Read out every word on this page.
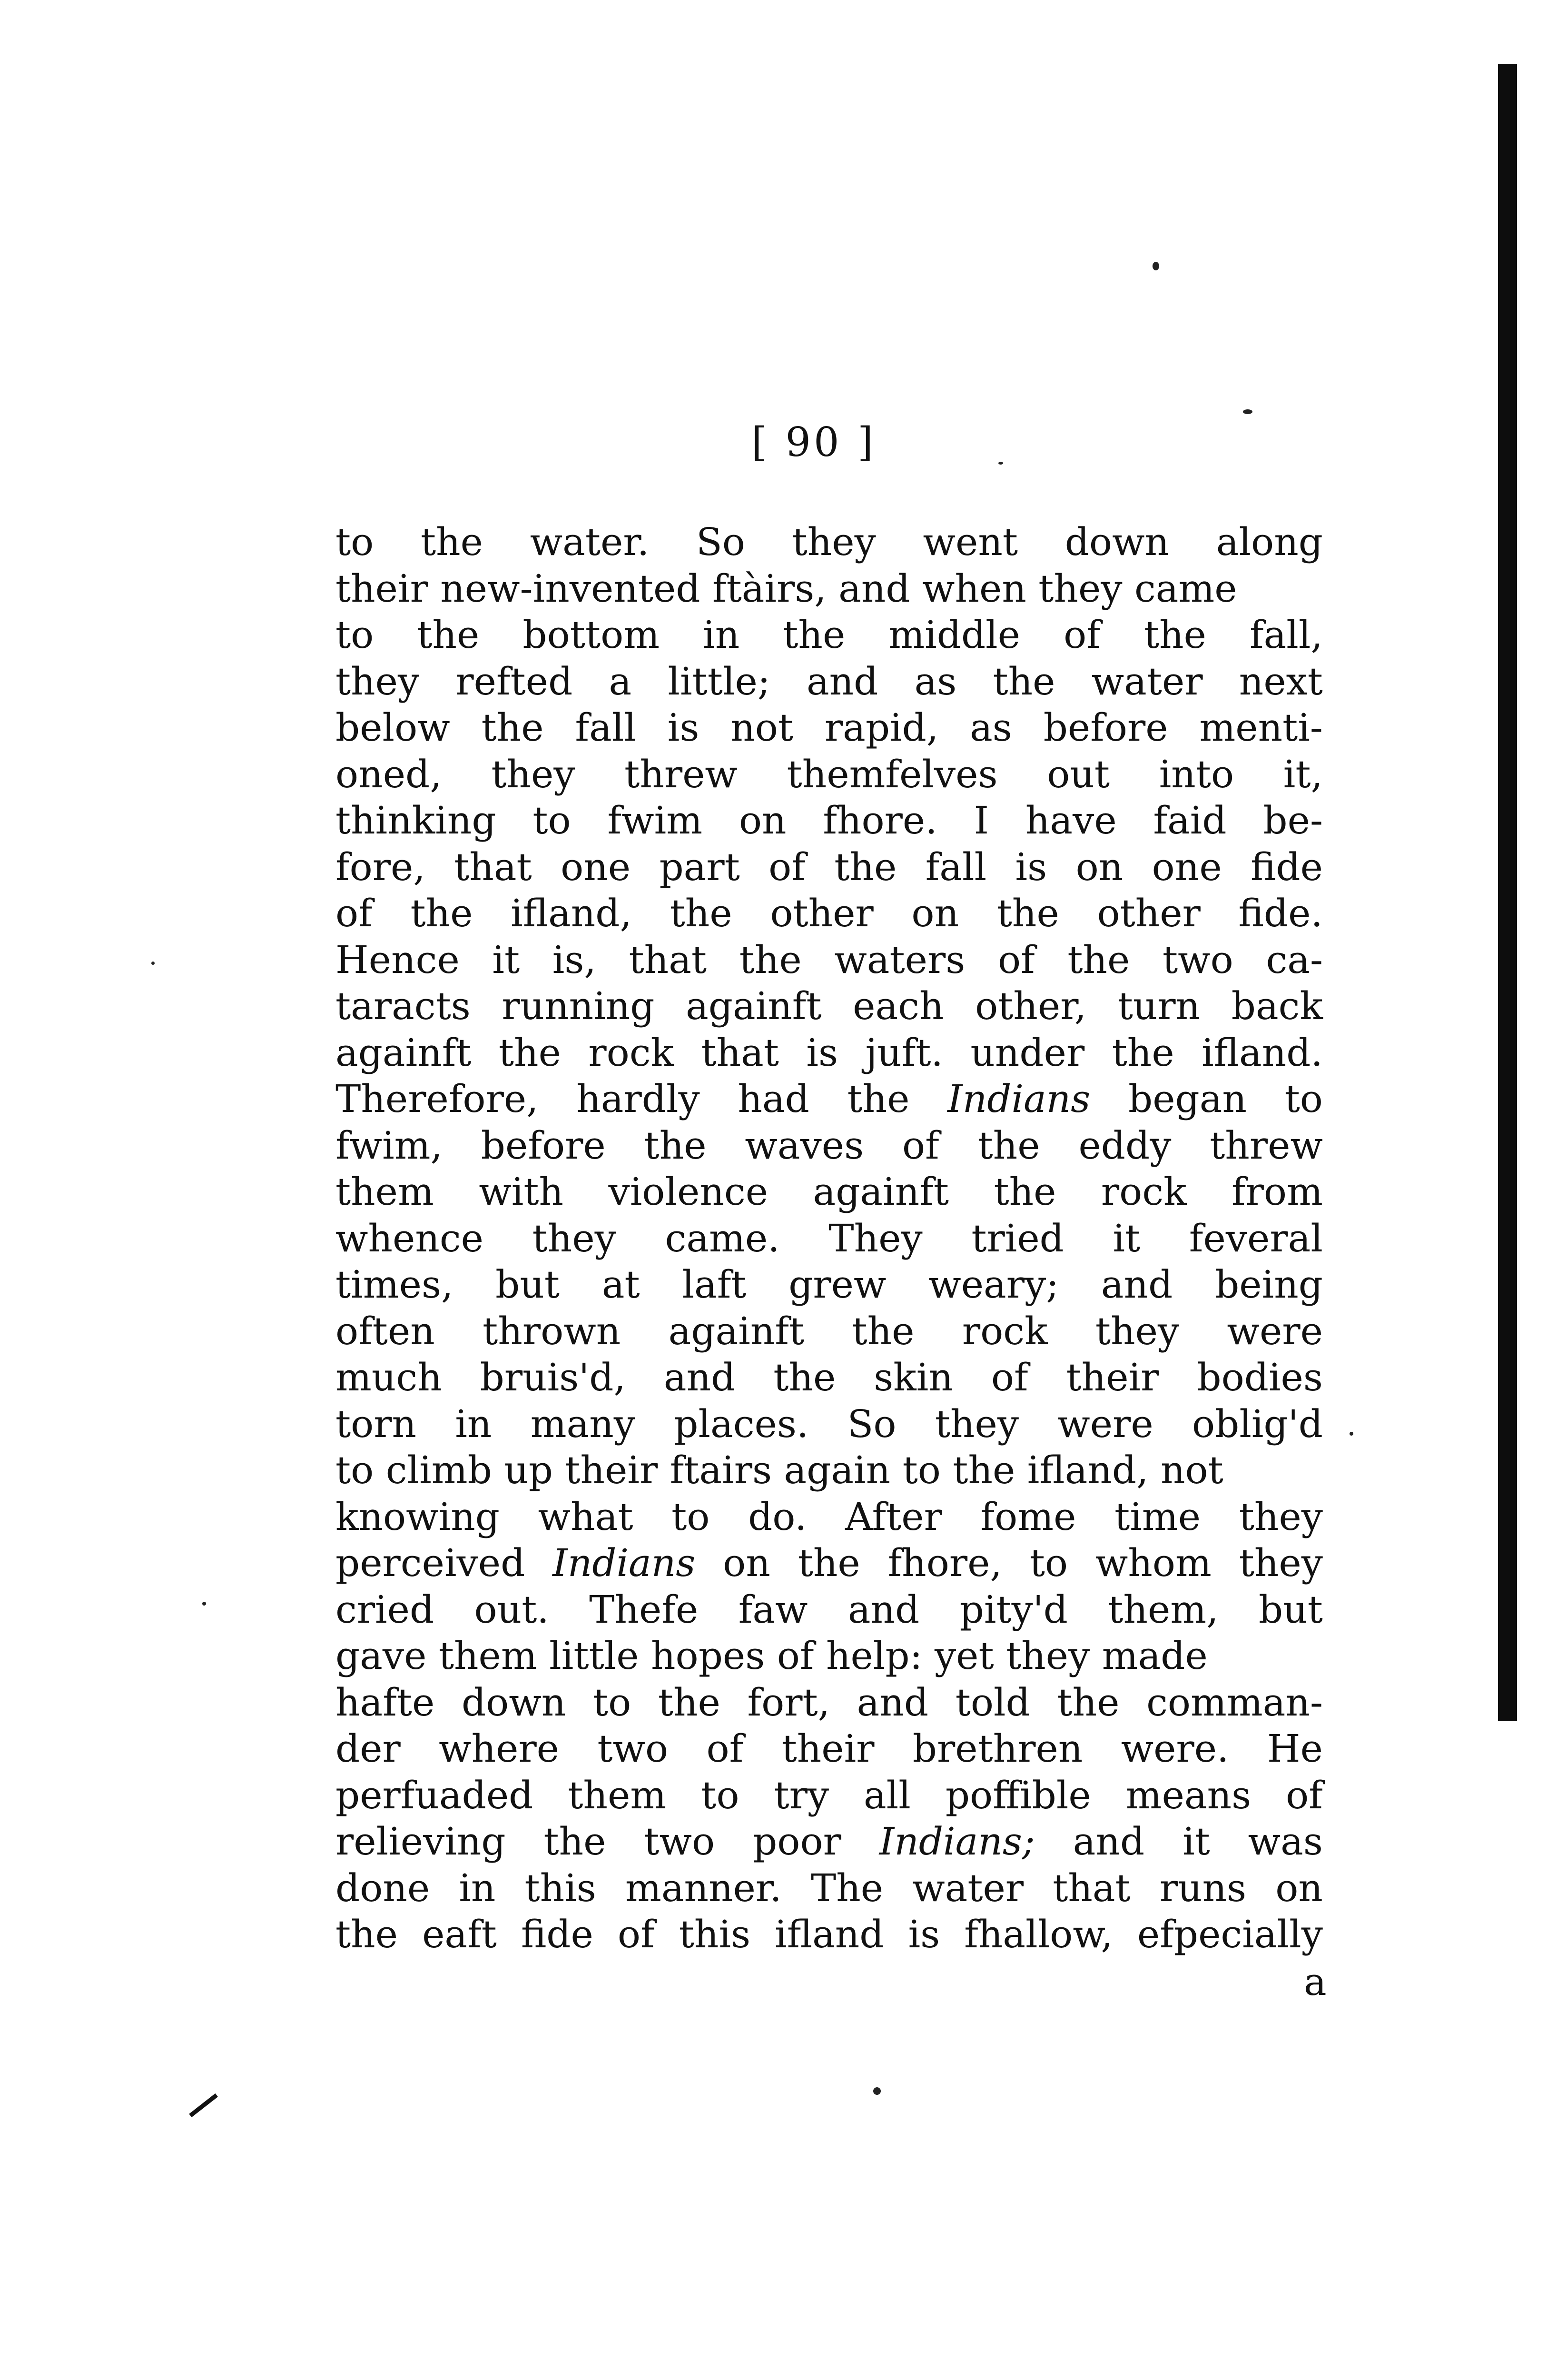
[ 90 ]
to the water. So they went down along
their new-invented ftàirs, and when they came
to the bottom in the middle of the fall,
they refted a little; and as the water next
below the fall is not rapid, as before menti-
oned, they threw themfelves out into it,
thinking to fwim on fhore. I have faid be-
fore, that one part of the fall is on one fide
of the ifland, the other on the other fide.
Hence it is, that the waters of the two ca-
taracts running againft each other, turn back
againft the rock that is juft. under the ifland.
Therefore, hardly had the Indians began to
fwim, before the waves of the eddy threw
them with violence againft the rock from
whence they came. They tried it feveral
times, but at laft grew weary; and being
often thrown againft the rock they were
much bruis'd, and the skin of their bodies
torn in many places. So they were oblig'd
to climb up their ftairs again to the ifland, not
knowing what to do. After fome time they
perceived Indians on the fhore, to whom they
cried out. Thefe faw and pity'd them, but
gave them little hopes of help: yet they made
hafte down to the fort, and told the comman-
der where two of their brethren were. He
perfuaded them to try all poffible means of
relieving the two poor Indians; and it was
done in this manner. The water that runs on
the eaft fide of this ifland is fhallow, efpecially
a
